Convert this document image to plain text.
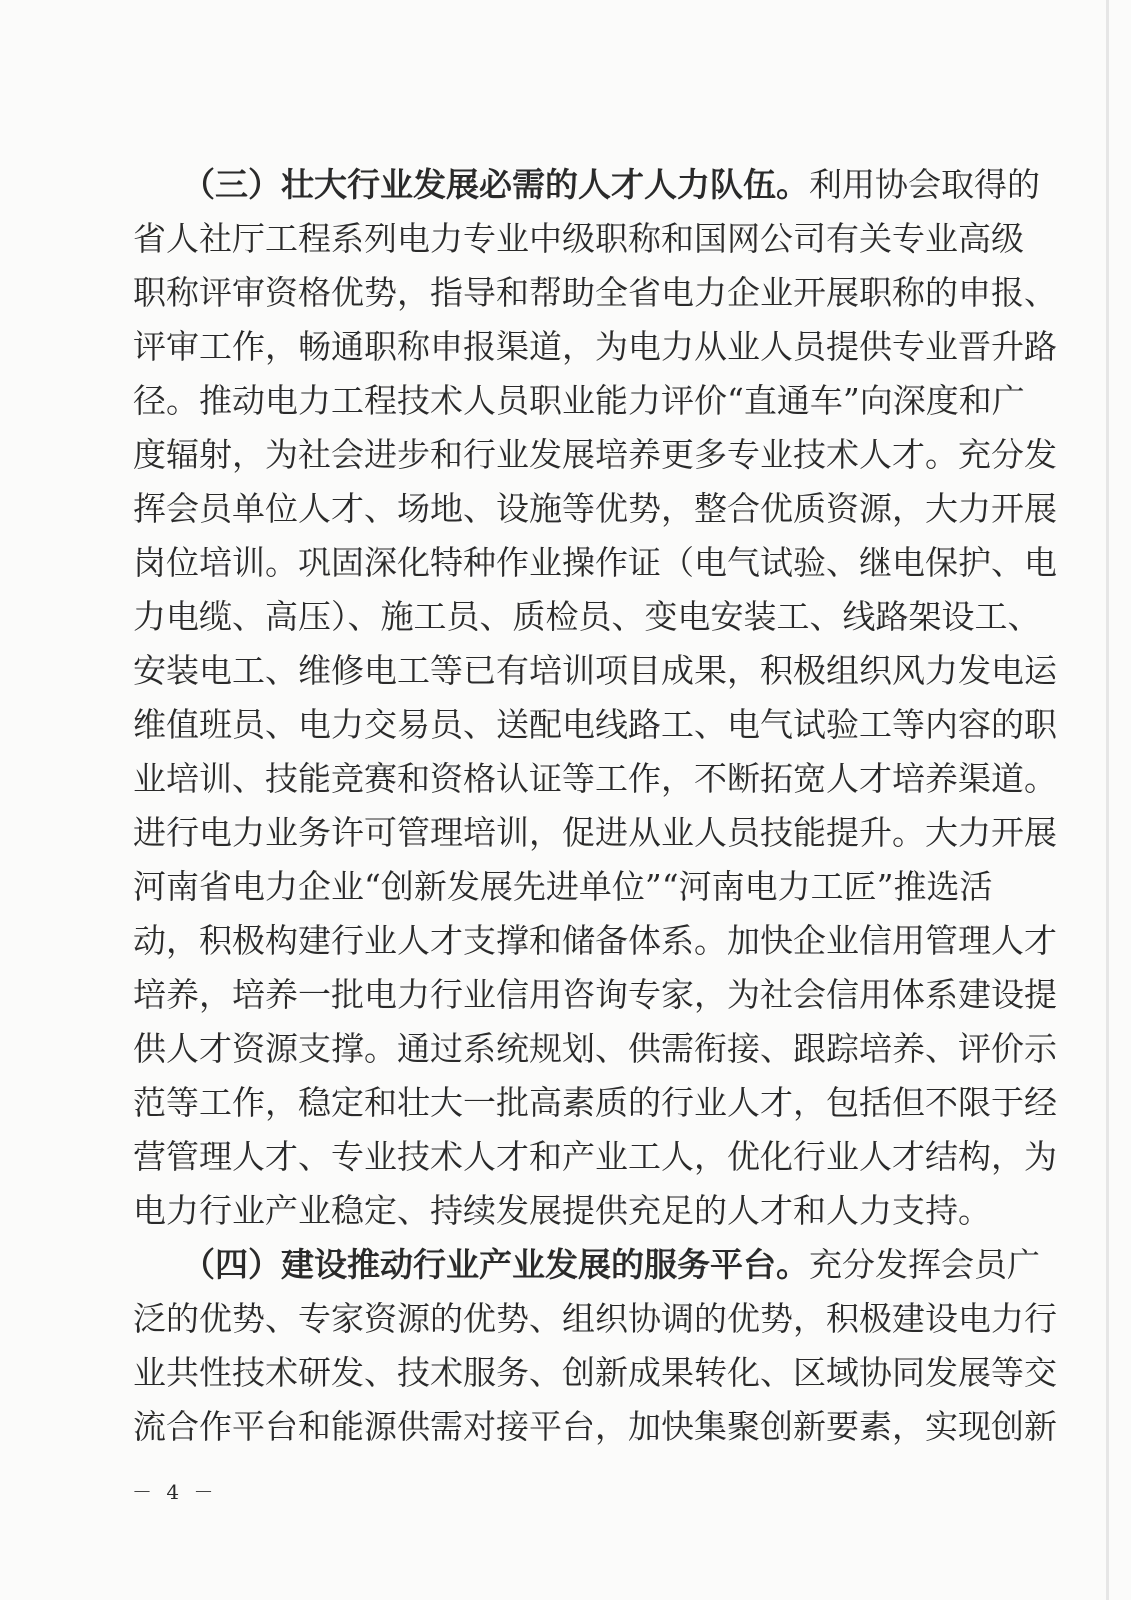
（三）壮大行业发展必需的人才人力队伍。利用协会取得的
省人社厅工程系列电力专业中级职称和国网公司有关专业高级
职称评审资格优势，指导和帮助全省电力企业开展职称的申报、
评审工作，畅通职称申报渠道，为电力从业人员提供专业晋升路
径。推动电力工程技术人员职业能力评价“直通车”向深度和广
度辐射，为社会进步和行业发展培养更多专业技术人才。充分发
挥会员单位人才、场地、设施等优势，整合优质资源，大力开展
岗位培训。巩固深化特种作业操作证（电气试验、继电保护、电
力电缆、高压）、施工员、质检员、变电安装工、线路架设工、
安装电工、维修电工等已有培训项目成果，积极组织风力发电运
维值班员、电力交易员、送配电线路工、电气试验工等内容的职
业培训、技能竞赛和资格认证等工作，不断拓宽人才培养渠道。
进行电力业务许可管理培训，促进从业人员技能提升。大力开展
河南省电力企业“创新发展先进单位”“河南电力工匠”推选活
动，积极构建行业人才支撑和储备体系。加快企业信用管理人才
培养，培养一批电力行业信用咨询专家，为社会信用体系建设提
供人才资源支撑。通过系统规划、供需衔接、跟踪培养、评价示
范等工作，稳定和壮大一批高素质的行业人才，包括但不限于经
营管理人才、专业技术人才和产业工人，优化行业人才结构，为
电力行业产业稳定、持续发展提供充足的人才和人力支持。
（四）建设推动行业产业发展的服务平台。充分发挥会员广
泛的优势、专家资源的优势、组织协调的优势，积极建设电力行
业共性技术研发、技术服务、创新成果转化、区域协同发展等交
流合作平台和能源供需对接平台，加快集聚创新要素，实现创新
－ 4 －
